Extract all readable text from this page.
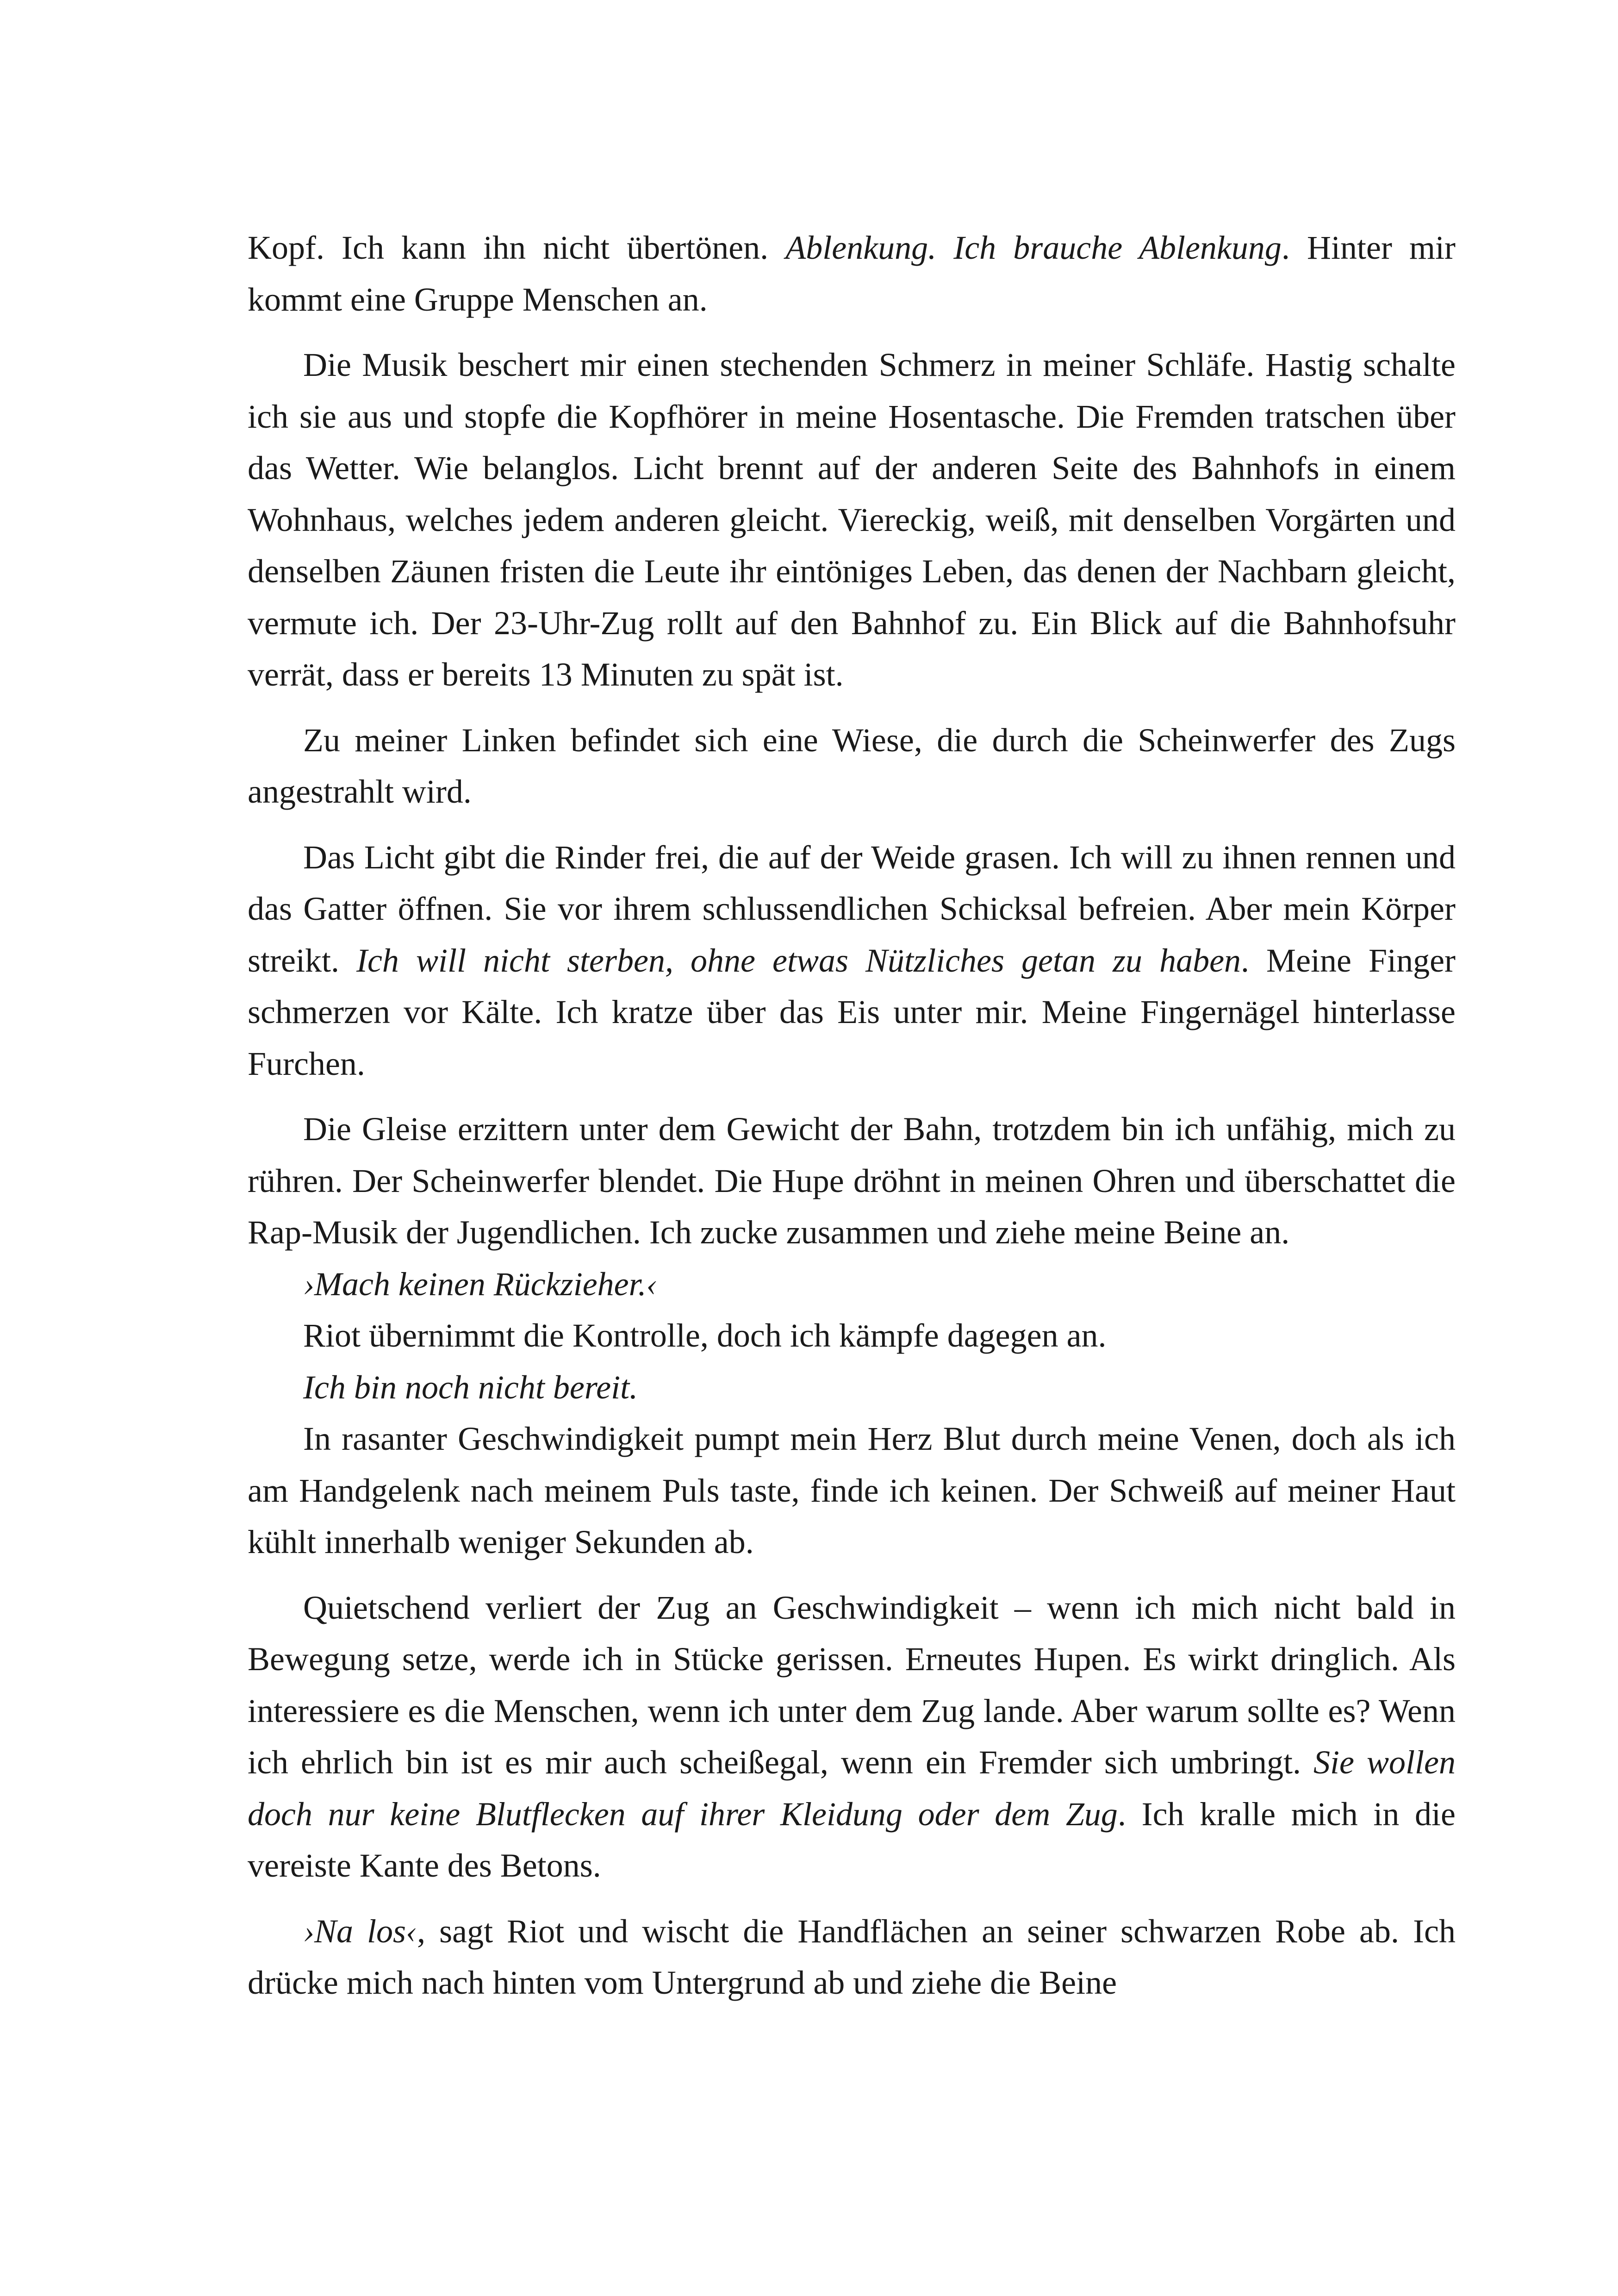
Kopf. Ich kann ihn nicht übertönen. Ablenkung. Ich brauche Ablenkung. Hinter mir kommt eine Gruppe Menschen an.

Die Musik beschert mir einen stechenden Schmerz in meiner Schläfe. Hastig schalte ich sie aus und stopfe die Kopfhörer in meine Hosentasche. Die Fremden tratschen über das Wetter. Wie belanglos. Licht brennt auf der anderen Seite des Bahnhofs in einem Wohnhaus, welches jedem anderen gleicht. Viereckig, weiß, mit denselben Vorgärten und denselben Zäunen fristen die Leute ihr eintöniges Leben, das denen der Nachbarn gleicht, vermute ich. Der 23-Uhr-Zug rollt auf den Bahnhof zu. Ein Blick auf die Bahnhofsuhr verrät, dass er bereits 13 Minuten zu spät ist.

Zu meiner Linken befindet sich eine Wiese, die durch die Scheinwerfer des Zugs angestrahlt wird.

Das Licht gibt die Rinder frei, die auf der Weide grasen. Ich will zu ihnen rennen und das Gatter öffnen. Sie vor ihrem schlussendlichen Schicksal befreien. Aber mein Körper streikt. Ich will nicht sterben, ohne etwas Nützliches getan zu haben. Meine Finger schmerzen vor Kälte. Ich kratze über das Eis unter mir. Meine Fingernägel hinterlasse Furchen.

Die Gleise erzittern unter dem Gewicht der Bahn, trotzdem bin ich unfähig, mich zu rühren. Der Scheinwerfer blendet. Die Hupe dröhnt in meinen Ohren und überschattet die Rap-Musik der Jugendlichen. Ich zucke zusammen und ziehe meine Beine an.

›Mach keinen Rückzieher.‹

Riot übernimmt die Kontrolle, doch ich kämpfe dagegen an.

Ich bin noch nicht bereit.

In rasanter Geschwindigkeit pumpt mein Herz Blut durch meine Venen, doch als ich am Handgelenk nach meinem Puls taste, finde ich keinen. Der Schweiß auf meiner Haut kühlt innerhalb weniger Sekunden ab.

Quietschend verliert der Zug an Geschwindigkeit – wenn ich mich nicht bald in Bewegung setze, werde ich in Stücke gerissen. Erneutes Hupen. Es wirkt dringlich. Als interessiere es die Menschen, wenn ich unter dem Zug lande. Aber warum sollte es? Wenn ich ehrlich bin ist es mir auch scheißegal, wenn ein Fremder sich umbringt. Sie wollen doch nur keine Blutflecken auf ihrer Kleidung oder dem Zug. Ich kralle mich in die vereiste Kante des Betons.

›Na los‹, sagt Riot und wischt die Handflächen an seiner schwarzen Robe ab. Ich drücke mich nach hinten vom Untergrund ab und ziehe die Beine
